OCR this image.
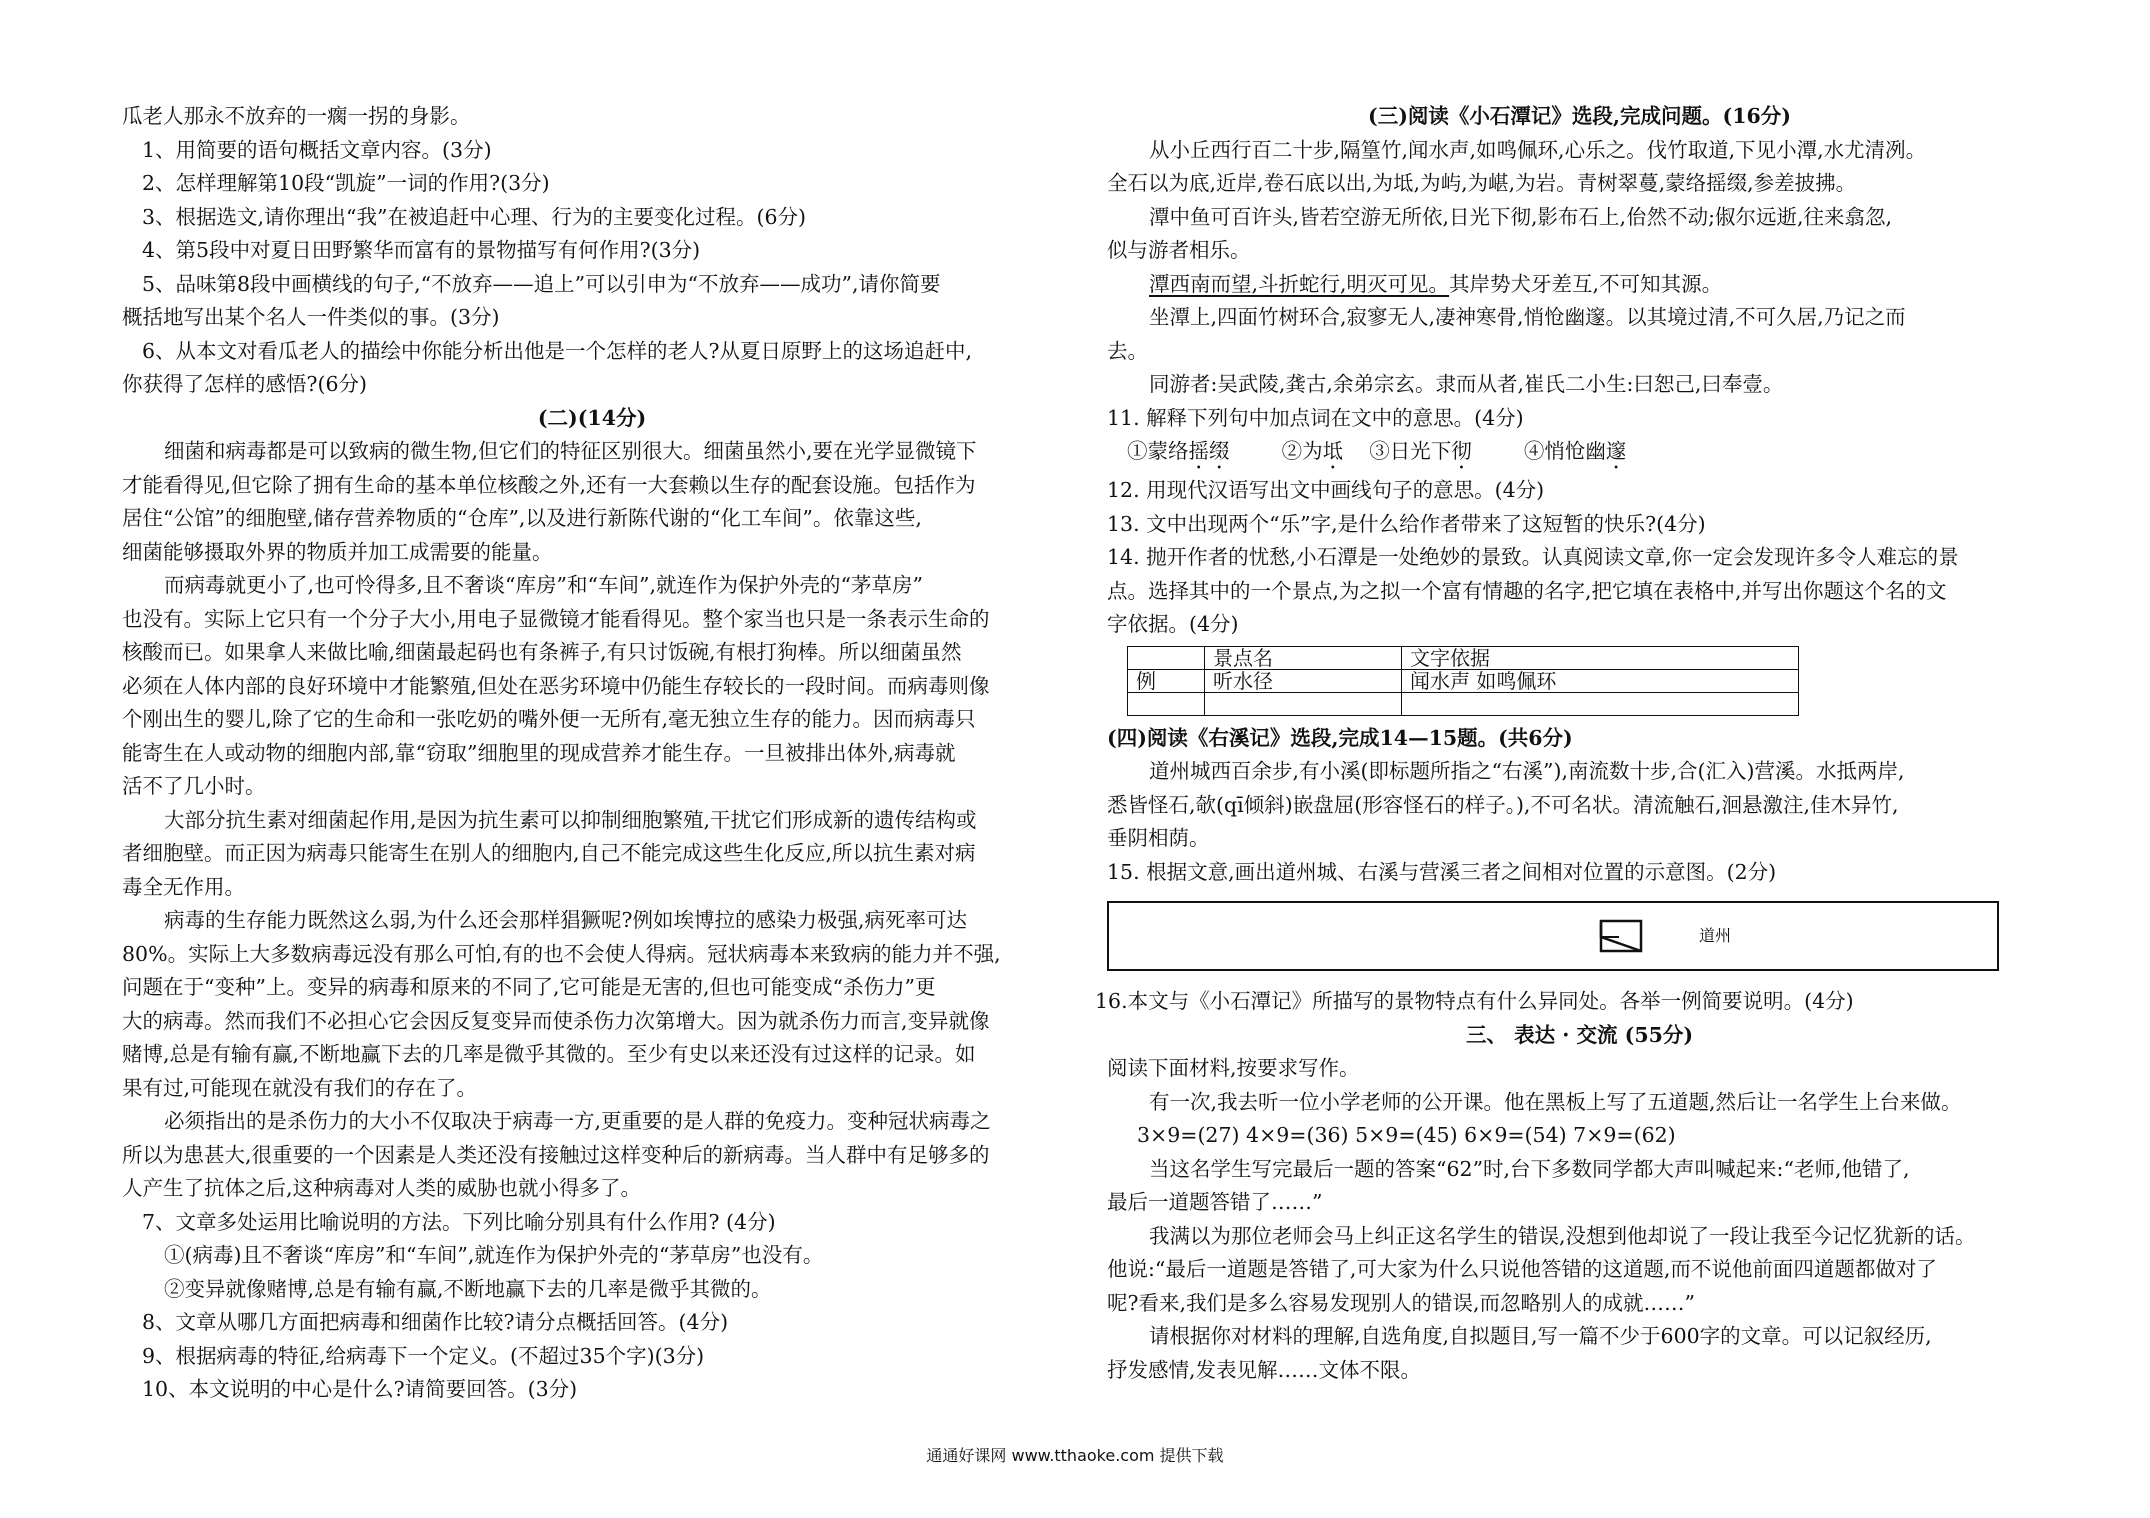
瓜老人那永不放弃的一瘸一拐的身影。

1、用简要的语句概括文章内容。(3分)

2、怎样理解第10段“凯旋”一词的作用?(3分)

3、根据选文,请你理出“我”在被追赶中心理、行为的主要变化过程。(6分)

4、第5段中对夏日田野繁华而富有的景物描写有何作用?(3分)

5、品味第8段中画横线的句子,“不放弃——追上”可以引申为“不放弃——成功”,请你简要

概括地写出某个名人一件类似的事。(3分)

6、从本文对看瓜老人的描绘中你能分析出他是一个怎样的老人?从夏日原野上的这场追赶中,

你获得了怎样的感悟?(6分)

(二)(14分)

细菌和病毒都是可以致病的微生物,但它们的特征区别很大。细菌虽然小,要在光学显微镜下

才能看得见,但它除了拥有生命的基本单位核酸之外,还有一大套赖以生存的配套设施。包括作为

居住“公馆”的细胞壁,储存营养物质的“仓库”,以及进行新陈代谢的“化工车间”。依靠这些,

细菌能够摄取外界的物质并加工成需要的能量。

而病毒就更小了,也可怜得多,且不奢谈“库房”和“车间”,就连作为保护外壳的“茅草房”

也没有。实际上它只有一个分子大小,用电子显微镜才能看得见。整个家当也只是一条表示生命的

核酸而已。如果拿人来做比喻,细菌最起码也有条裤子,有只讨饭碗,有根打狗棒。所以细菌虽然

必须在人体内部的良好环境中才能繁殖,但处在恶劣环境中仍能生存较长的一段时间。而病毒则像

个刚出生的婴儿,除了它的生命和一张吃奶的嘴外便一无所有,毫无独立生存的能力。因而病毒只

能寄生在人或动物的细胞内部,靠“窃取”细胞里的现成营养才能生存。一旦被排出体外,病毒就

活不了几小时。

大部分抗生素对细菌起作用,是因为抗生素可以抑制细胞繁殖,干扰它们形成新的遗传结构或

者细胞壁。而正因为病毒只能寄生在别人的细胞内,自己不能完成这些生化反应,所以抗生素对病

毒全无作用。

病毒的生存能力既然这么弱,为什么还会那样猖獗呢?例如埃博拉的感染力极强,病死率可达

80%。实际上大多数病毒远没有那么可怕,有的也不会使人得病。冠状病毒本来致病的能力并不强,

问题在于“变种”上。变异的病毒和原来的不同了,它可能是无害的,但也可能变成“杀伤力”更

大的病毒。然而我们不必担心它会因反复变异而使杀伤力次第增大。因为就杀伤力而言,变异就像

赌博,总是有输有赢,不断地赢下去的几率是微乎其微的。至少有史以来还没有过这样的记录。如

果有过,可能现在就没有我们的存在了。

必须指出的是杀伤力的大小不仅取决于病毒一方,更重要的是人群的免疫力。变种冠状病毒之

所以为患甚大,很重要的一个因素是人类还没有接触过这样变种后的新病毒。当人群中有足够多的

人产生了抗体之后,这种病毒对人类的威胁也就小得多了。

7、文章多处运用比喻说明的方法。下列比喻分别具有什么作用? (4分)

①(病毒)且不奢谈“库房”和“车间”,就连作为保护外壳的“茅草房”也没有。

②变异就像赌博,总是有输有赢,不断地赢下去的几率是微乎其微的。

8、文章从哪几方面把病毒和细菌作比较?请分点概括回答。(4分)

9、根据病毒的特征,给病毒下一个定义。(不超过35个字)(3分)

10、本文说明的中心是什么?请简要回答。(3分)

(三)阅读《小石潭记》选段,完成问题。(16分)

从小丘西行百二十步,隔篁竹,闻水声,如鸣佩环,心乐之。伐竹取道,下见小潭,水尤清冽。

全石以为底,近岸,卷石底以出,为坻,为屿,为嵁,为岩。青树翠蔓,蒙络摇缀,参差披拂。

潭中鱼可百许头,皆若空游无所依,日光下彻,影布石上,佁然不动;俶尔远逝,往来翕忽,

似与游者相乐。

潭西南而望,斗折蛇行,明灭可见。其岸势犬牙差互,不可知其源。

坐潭上,四面竹树环合,寂寥无人,凄神寒骨,悄怆幽邃。以其境过清,不可久居,乃记之而

去。

同游者:吴武陵,龚古,余弟宗玄。隶而从者,崔氏二小生:曰恕己,曰奉壹。

11. 解释下列句中加点词在文中的意思。(4分)

①蒙络摇缀	②为坻 ③日光下彻	④悄怆幽邃

12. 用现代汉语写出文中画线句子的意思。(4分)

13. 文中出现两个“乐”字,是什么给作者带来了这短暂的快乐?(4分)

14. 抛开作者的忧愁,小石潭是一处绝妙的景致。认真阅读文章,你一定会发现许多令人难忘的景

点。选择其中的一个景点,为之拟一个富有情趣的名字,把它填在表格中,并写出你题这个名的文

字依据。(4分)

	景点名	文字依据
例	听水径	闻水声 如鸣佩环

(四)阅读《右溪记》选段,完成14—15题。(共6分)

道州城西百余步,有小溪(即标题所指之“右溪”),南流数十步,合(汇入)营溪。水抵两岸,

悉皆怪石,欹(qī倾斜)嵌盘屈(形容怪石的样子。),不可名状。清流触石,洄悬激注,佳木异竹,

垂阴相荫。

15. 根据文意,画出道州城、右溪与营溪三者之间相对位置的示意图。(2分)

道州

16.本文与《小石潭记》所描写的景物特点有什么异同处。各举一例简要说明。(4分)

三、 表达 · 交流 (55分)

阅读下面材料,按要求写作。

有一次,我去听一位小学老师的公开课。他在黑板上写了五道题,然后让一名学生上台来做。

3×9=(27) 4×9=(36) 5×9=(45) 6×9=(54) 7×9=(62)

当这名学生写完最后一题的答案“62”时,台下多数同学都大声叫喊起来:“老师,他错了,

最后一道题答错了……”

我满以为那位老师会马上纠正这名学生的错误,没想到他却说了一段让我至今记忆犹新的话。

他说:“最后一道题是答错了,可大家为什么只说他答错的这道题,而不说他前面四道题都做对了

呢?看来,我们是多么容易发现别人的错误,而忽略别人的成就……”

请根据你对材料的理解,自选角度,自拟题目,写一篇不少于600字的文章。可以记叙经历,

抒发感情,发表见解……文体不限。

通通好课网 www.tthaoke.com 提供下载
